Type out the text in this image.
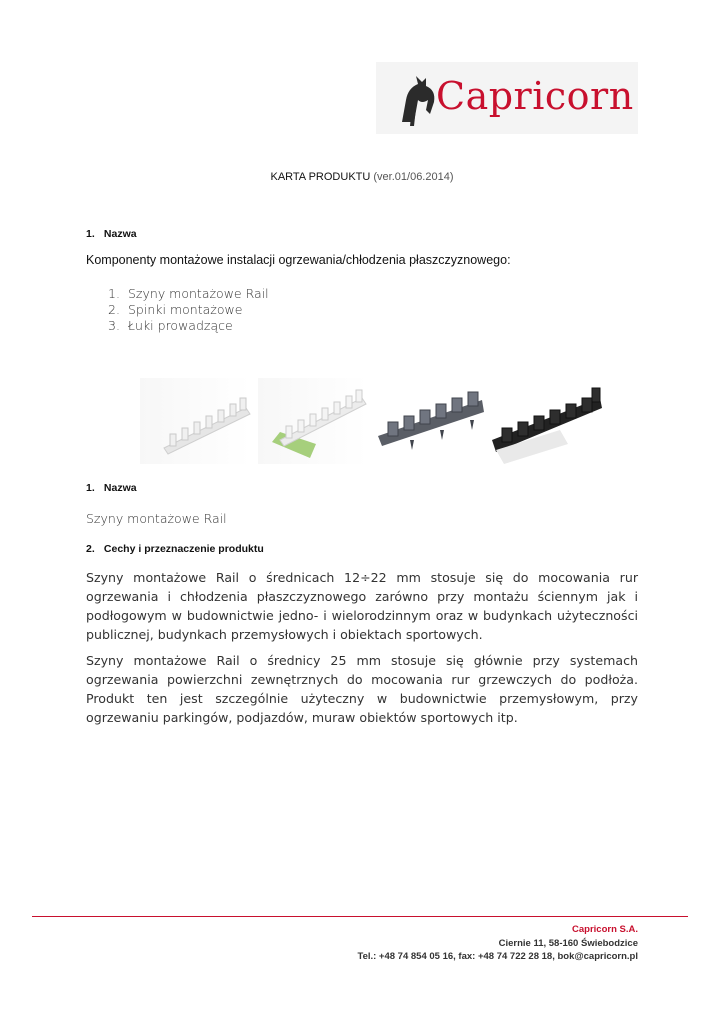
Capricorn
KARTA PRODUKTU (ver.01/06.2014)
1. Nazwa
Komponenty montażowe instalacji ogrzewania/chłodzenia płaszczyznowego:
1. Szyny montażowe Rail
2. Spinki montażowe
3. Łuki prowadzące
1. Nazwa
Szyny montażowe Rail
2. Cechy i przeznaczenie produktu

Szyny montażowe Rail o średnicach 12÷22 mm stosuje się do mocowania rur ogrzewania i chłodzenia płaszczyznowego zarówno przy montażu ściennym jak i podłogowym w budownictwie jedno- i wielorodzinnym oraz w budynkach użyteczności publicznej, budynkach przemysłowych i obiektach sportowych.

Szyny montażowe Rail o średnicy 25 mm stosuje się głównie przy systemach ogrzewania powierzchni zewnętrznych do mocowania rur grzewczych do podłoża. Produkt ten jest szczególnie użyteczny w budownictwie przemysłowym, przy ogrzewaniu parkingów, podjazdów, muraw obiektów sportowych itp.

Capricorn S.A.
Ciernie 11, 58-160 Świebodzice
Tel.: +48 74 854 05 16, fax: +48 74 722 28 18, bok@capricorn.pl
